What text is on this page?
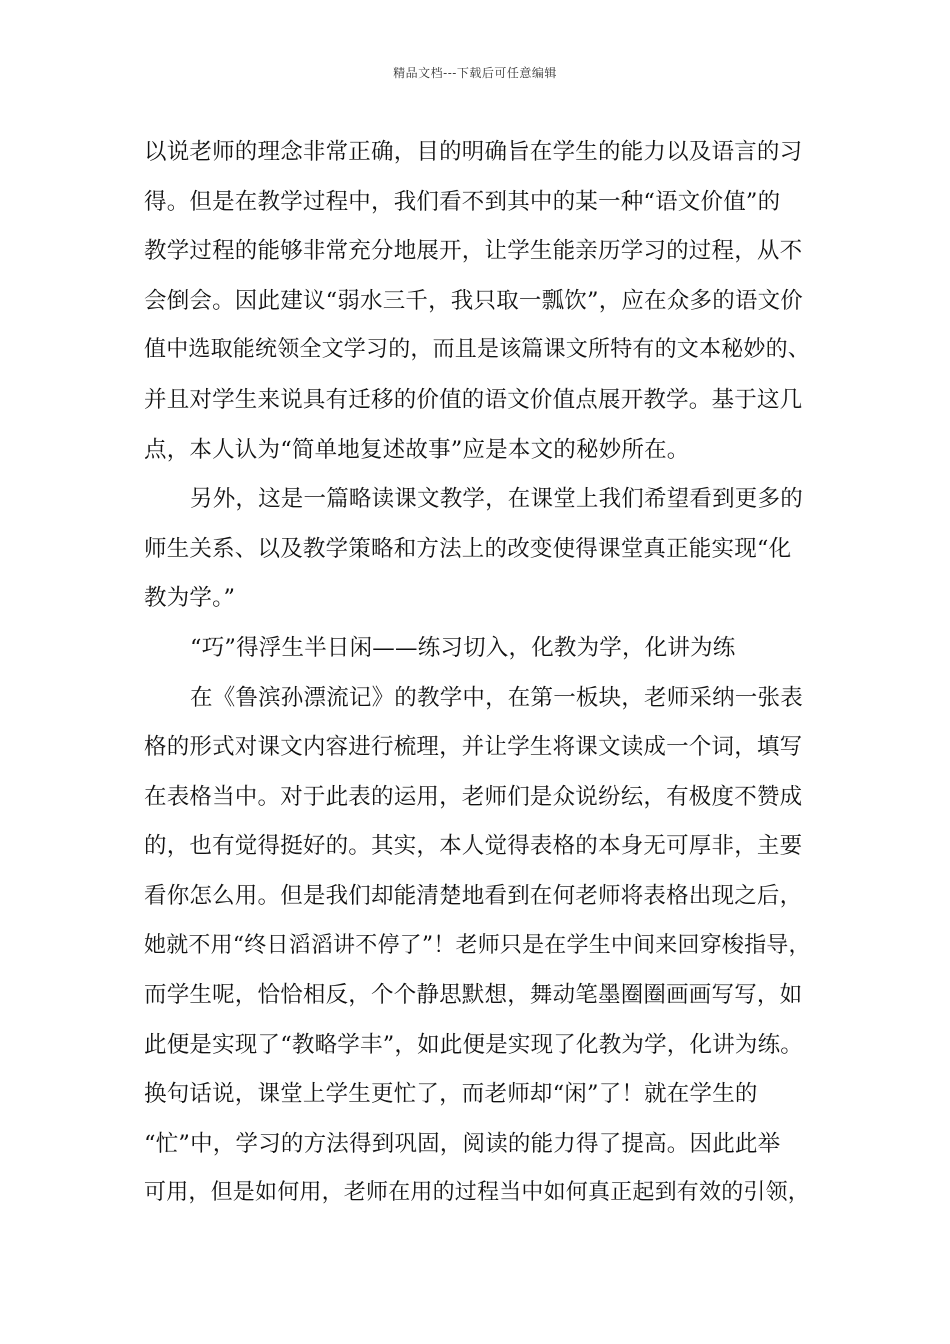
精品文档---下载后可任意编辑
以说老师的理念非常正确，目的明确旨在学生的能力以及语言的习
得。但是在教学过程中，我们看不到其中的某一种“语文价值”的
教学过程的能够非常充分地展开，让学生能亲历学习的过程，从不
会倒会。因此建议“弱水三千，我只取一瓢饮”，应在众多的语文价
值中选取能统领全文学习的，而且是该篇课文所特有的文本秘妙的、
并且对学生来说具有迁移的价值的语文价值点展开教学。基于这几
点，本人认为“简单地复述故事”应是本文的秘妙所在。
另外，这是一篇略读课文教学，在课堂上我们希望看到更多的
师生关系、以及教学策略和方法上的改变使得课堂真正能实现“化
教为学。”
“巧”得浮生半日闲——练习切入，化教为学，化讲为练
在《鲁滨孙漂流记》的教学中，在第一板块，老师采纳一张表
格的形式对课文内容进行梳理，并让学生将课文读成一个词，填写
在表格当中。对于此表的运用，老师们是众说纷纭，有极度不赞成
的，也有觉得挺好的。其实，本人觉得表格的本身无可厚非，主要
看你怎么用。但是我们却能清楚地看到在何老师将表格出现之后，
她就不用“终日滔滔讲不停了”！老师只是在学生中间来回穿梭指导，
而学生呢，恰恰相反，个个静思默想，舞动笔墨圈圈画画写写，如
此便是实现了“教略学丰”，如此便是实现了化教为学，化讲为练。
换句话说，课堂上学生更忙了，而老师却“闲”了！就在学生的
“忙”中，学习的方法得到巩固，阅读的能力得了提高。因此此举
可用，但是如何用，老师在用的过程当中如何真正起到有效的引领，
